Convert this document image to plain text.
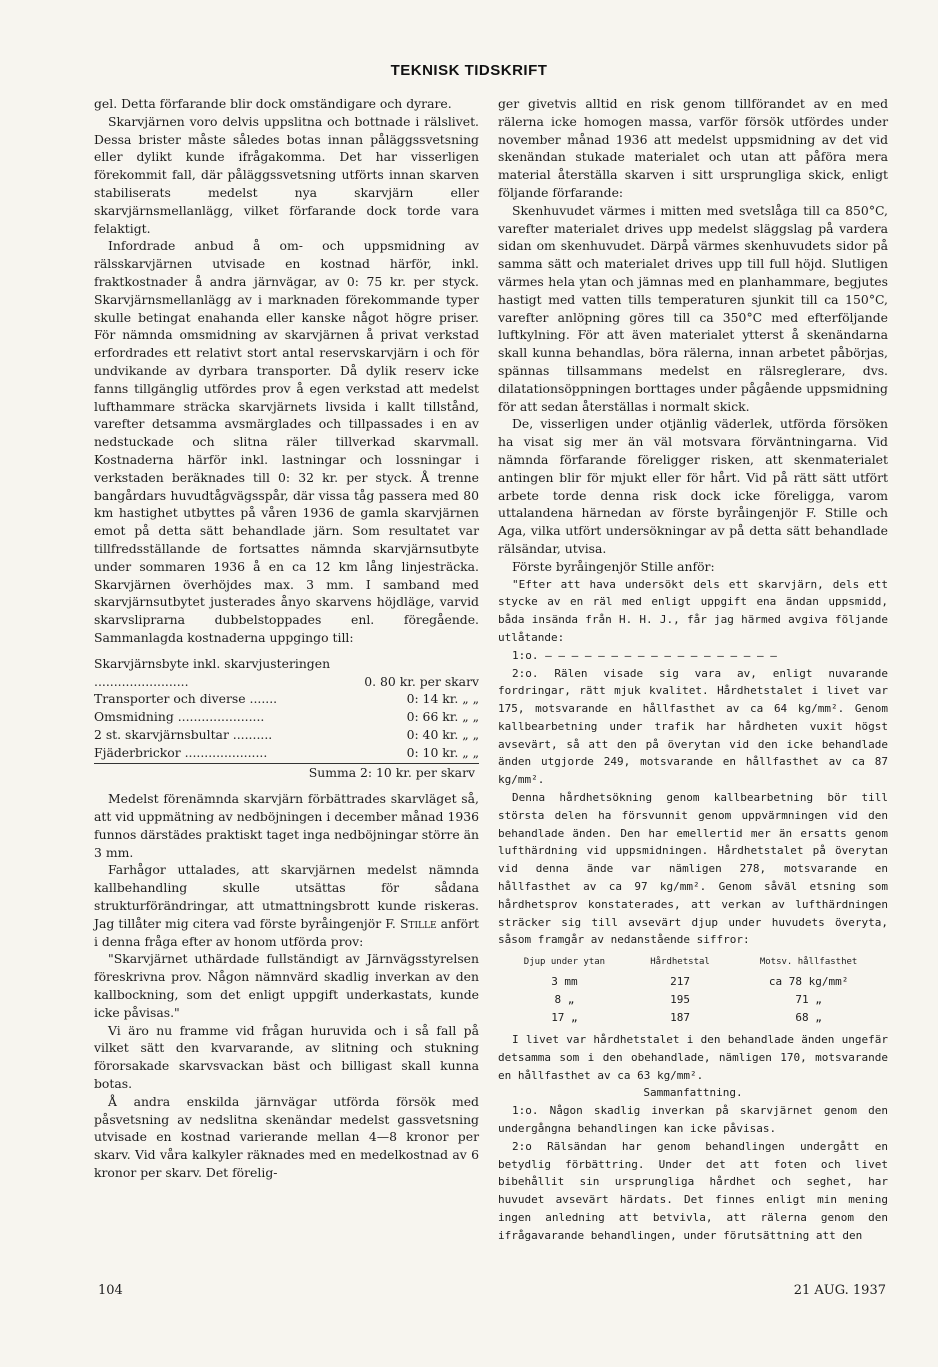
TEKNISK TIDSKRIFT

gel. Detta förfarande blir dock omständigare och dyrare.

Skarvjärnen voro delvis uppslitna och bottnade i rälslivet. Dessa brister måste således botas innan påläggssvetsning eller dylikt kunde ifrågakomma. Det har visserligen förekommit fall, där påläggssvetsning utförts innan skarven stabiliserats medelst nya skarvjärn eller skarvjärnsmellanlägg, vilket förfarande dock torde vara felaktigt.

Infordrade anbud å om- och uppsmidning av rälsskarvjärnen utvisade en kostnad härför, inkl. fraktkostnader å andra järnvägar, av 0: 75 kr. per styck. Skarvjärnsmellanlägg av i marknaden förekommande typer skulle betingat enahanda eller kanske något högre priser. För nämnda omsmidning av skarvjärnen å privat verkstad erfordrades ett relativt stort antal reservskarvjärn i och för undvikande av dyrbara transporter. Då dylik reserv icke fanns tillgänglig utfördes prov å egen verkstad att medelst lufthammare sträcka skarvjärnets livsida i kallt tillstånd, varefter detsamma avsmärglades och tillpassades i en av nedstuckade och slitna räler tillverkad skarvmall. Kostnaderna härför inkl. lastningar och lossningar i verkstaden beräknades till 0: 32 kr. per styck. Å trenne bangårdars huvudtågvägsspår, där vissa tåg passera med 80 km hastighet utbyttes på våren 1936 de gamla skarvjärnen emot på detta sätt behandlade järn. Som resultatet var tillfredsställande de fortsattes nämnda skarvjärnsutbyte under sommaren 1936 å en ca 12 km lång linjesträcka. Skarvjärnen överhöjdes max. 3 mm. I samband med skarvjärnsutbytet justerades ånyo skarvens höjdläge, varvid skarvsliprarna dubbelstoppades enl. föregående. Sammanlagda kostnaderna uppgingo till:

Skarvjärnsbyte inkl. skarvjusteringen ........................	0. 80 kr. per skarv
Transporter och diverse .......	0: 14 kr. „ „
Omsmidning ......................	0: 66 kr. „ „
2 st. skarvjärnsbultar ..........	0: 40 kr. „ „
Fjäderbrickor .....................	0: 10 kr. „ „
Summa 2: 10 kr. per skarv

Medelst förenämnda skarvjärn förbättrades skarvläget så, att vid uppmätning av nedböjningen i december månad 1936 funnos därstädes praktiskt taget inga nedböjningar större än 3 mm.

Farhågor uttalades, att skarvjärnen medelst nämnda kallbehandling skulle utsättas för sådana strukturförändringar, att utmattningsbrott kunde riskeras. Jag tillåter mig citera vad förste byråingenjör F. Stille anfört i denna fråga efter av honom utförda prov:

"Skarvjärnet uthärdade fullständigt av Järnvägsstyrelsen föreskrivna prov. Någon nämnvärd skadlig inverkan av den kallbockning, som det enligt uppgift underkastats, kunde icke påvisas."

Vi äro nu framme vid frågan huruvida och i så fall på vilket sätt den kvarvarande, av slitning och stukning förorsakade skarvsvackan bäst och billigast skall kunna botas.

Å andra enskilda järnvägar utförda försök med påsvetsning av nedslitna skenändar medelst gassvetsning utvisade en kostnad varierande mellan 4—8 kronor per skarv. Vid våra kalkyler räknades med en medelkostnad av 6 kronor per skarv. Det förelig-

ger givetvis alltid en risk genom tillförandet av en med rälerna icke homogen massa, varför försök utfördes under november månad 1936 att medelst uppsmidning av det vid skenändan stukade materialet och utan att påföra mera material återställa skarven i sitt ursprungliga skick, enligt följande förfarande:

Skenhuvudet värmes i mitten med svetslåga till ca 850°C, varefter materialet drives upp medelst släggslag på vardera sidan om skenhuvudet. Därpå värmes skenhuvudets sidor på samma sätt och materialet drives upp till full höjd. Slutligen värmes hela ytan och jämnas med en planhammare, begjutes hastigt med vatten tills temperaturen sjunkit till ca 150°C, varefter anlöpning göres till ca 350°C med efterföljande luftkylning. För att även materialet ytterst å skenändarna skall kunna behandlas, böra rälerna, innan arbetet påbörjas, spännas tillsammans medelst en rälsreglerare, dvs. dilatationsöppningen borttages under pågående uppsmidning för att sedan återställas i normalt skick.

De, visserligen under otjänlig väderlek, utförda försöken ha visat sig mer än väl motsvara förväntningarna. Vid nämnda förfarande föreligger risken, att skenmaterialet antingen blir för mjukt eller för hårt. Vid på rätt sätt utfört arbete torde denna risk dock icke föreligga, varom uttalandena härnedan av förste byråingenjör F. Stille och Aga, vilka utfört undersökningar av på detta sätt behandlade rälsändar, utvisa.

Förste byråingenjör Stille anför:

"Efter att hava undersökt dels ett skarvjärn, dels ett stycke av en räl med enligt uppgift ena ändan uppsmidd, båda insända från H. H. J., får jag härmed avgiva följande utlåtande:

1:o. — — — — — — — — — — — — — — — — — —

2:o. Rälen visade sig vara av, enligt nuvarande fordringar, rätt mjuk kvalitet. Hårdhetstalet i livet var 175, motsvarande en hållfasthet av ca 64 kg/mm². Genom kallbearbetning under trafik har hårdheten vuxit högst avsevärt, så att den på överytan vid den icke behandlade änden utgjorde 249, motsvarande en hållfasthet av ca 87 kg/mm².

Denna hårdhetsökning genom kallbearbetning bör till största delen ha försvunnit genom uppvärmningen vid den behandlade änden. Den har emellertid mer än ersatts genom lufthärdning vid uppsmidningen. Hårdhetstalet på överytan vid denna ände var nämligen 278, motsvarande en hållfasthet av ca 97 kg/mm². Genom såväl etsning som hårdhetsprov konstaterades, att verkan av lufthärdningen sträcker sig till avsevärt djup under huvudets överyta, såsom framgår av nedanstående siffror:

Djup under ytan	Hårdhetstal	Motsv. hållfasthet
3 mm	217	ca 78 kg/mm²
8 „	195	71 „
17 „	187	68 „

I livet var hårdhetstalet i den behandlade änden ungefär detsamma som i den obehandlade, nämligen 170, motsvarande en hållfasthet av ca 63 kg/mm².

Sammanfattning.

1:o. Någon skadlig inverkan på skarvjärnet genom den undergångna behandlingen kan icke påvisas.

2:o Rälsändan har genom behandlingen undergått en betydlig förbättring. Under det att foten och livet bibehållit sin ursprungliga hårdhet och seghet, har huvudet avsevärt härdats. Det finnes enligt min mening ingen anledning att betvivla, att rälerna genom den ifrågavarande behandlingen, under förutsättning att den

104	21 AUG. 1937
